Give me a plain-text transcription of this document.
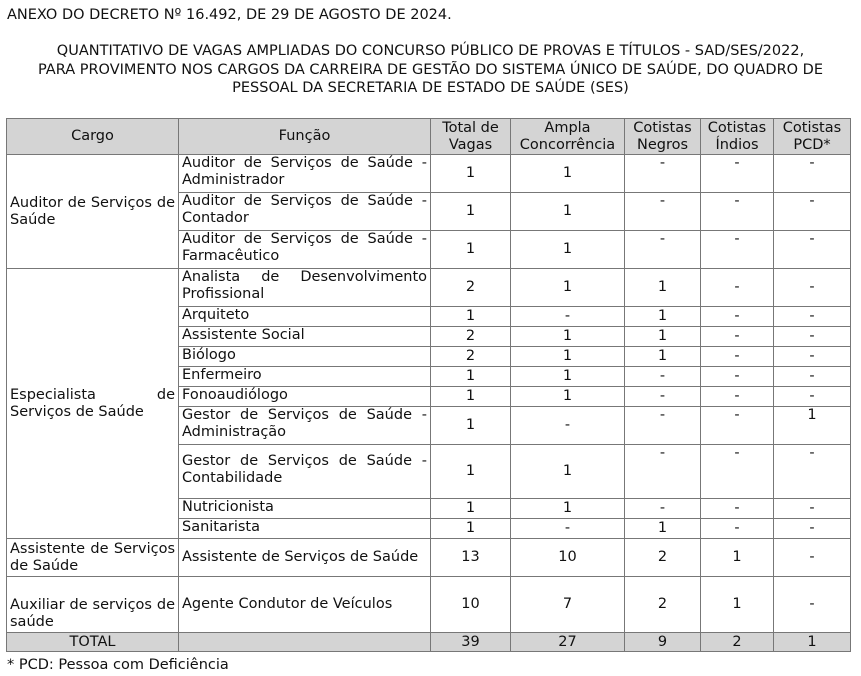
ANEXO DO DECRETO Nº 16.492, DE 29 DE AGOSTO DE 2024.
QUANTITATIVO DE VAGAS AMPLIADAS DO CONCURSO PÚBLICO DE PROVAS E TÍTULOS - SAD/SES/2022,
PARA PROVIMENTO NOS CARGOS DA CARREIRA DE GESTÃO DO SISTEMA ÚNICO DE SAÚDE, DO QUADRO DE
PESSOAL DA SECRETARIA DE ESTADO DE SAÚDE (SES)
Cargo	Função	Total de Vagas	Ampla Concorrência	Cotistas Negros	Cotistas Índios	Cotistas PCD*
Auditor de Serviços de Saúde	Auditor de Serviços de Saúde - Administrador	1	1	-	-	-
	Auditor de Serviços de Saúde - Contador	1	1	-	-	-
	Auditor de Serviços de Saúde -Farmacêutico	1	1	-	-	-
Especialista de Serviços de Saúde	Analista de Desenvolvimento Profissional	2	1	1	-	-
	Arquiteto	1	-	1	-	-
	Assistente Social	2	1	1	-	-
	Biólogo	2	1	1	-	-
	Enfermeiro	1	1	-	-	-
	Fonoaudiólogo	1	1	-	-	-
	Gestor de Serviços de Saúde - Administração	1	-	-	-	1
	Gestor de Serviços de Saúde - Contabilidade	1	1	-	-	-
	Nutricionista	1	1	-	-	-
	Sanitarista	1	-	1	-	-
Assistente de Serviços de Saúde	Assistente de Serviços de Saúde	13	10	2	1	-
Auxiliar de serviços de saúde	Agente Condutor de Veículos	10	7	2	1	-
TOTAL		39	27	9	2	1
* PCD: Pessoa com Deficiência
